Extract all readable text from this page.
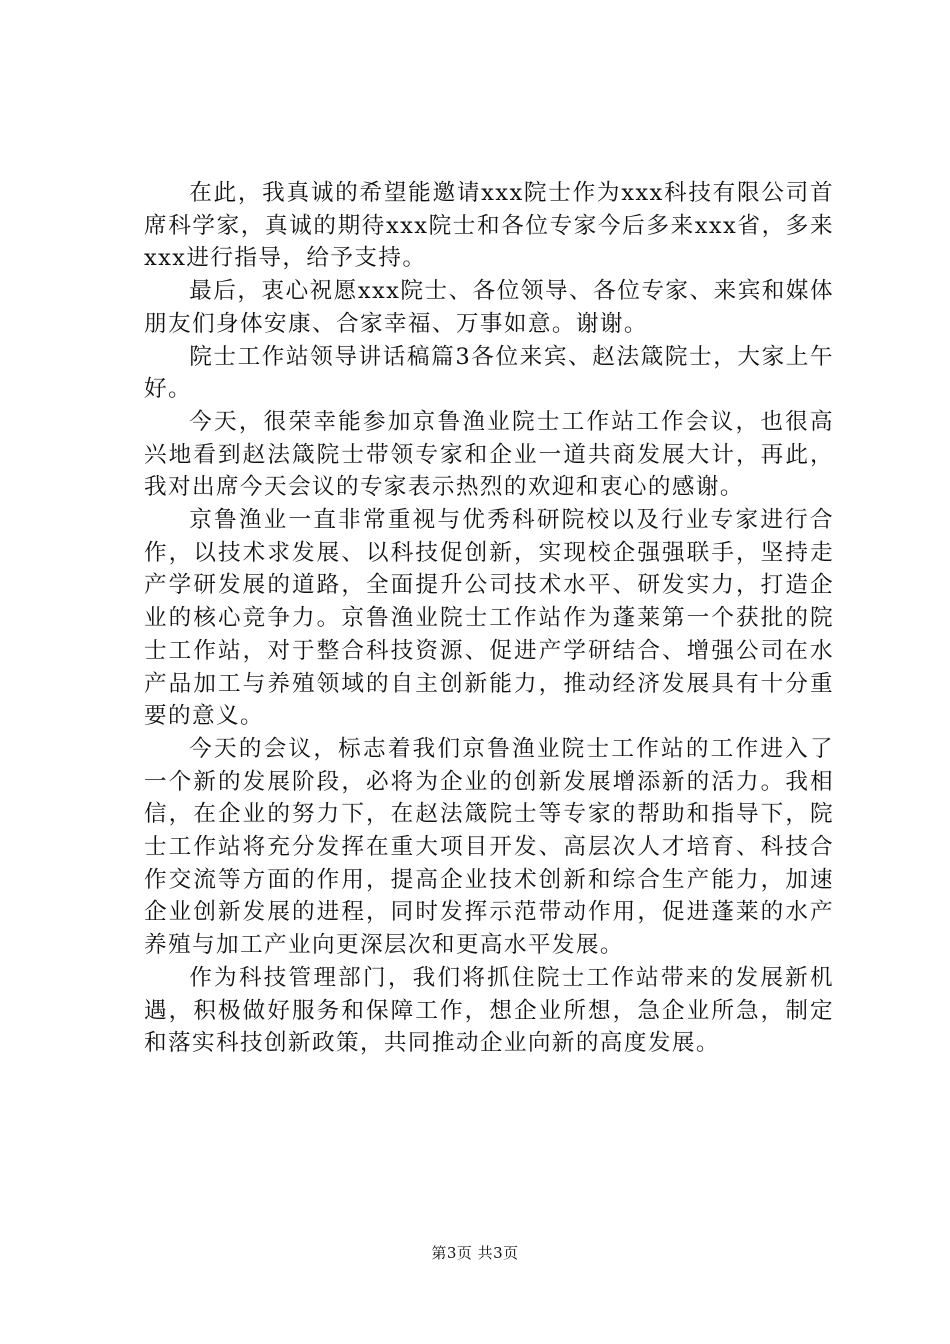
在此，我真诚的希望能邀请xxx院士作为xxx科技有限公司首席科学家，真诚的期待xxx院士和各位专家今后多来xxx省，多来xxx进行指导，给予支持。

最后，衷心祝愿xxx院士、各位领导、各位专家、来宾和媒体朋友们身体安康、合家幸福、万事如意。谢谢。

院士工作站领导讲话稿篇3各位来宾、赵法箴院士，大家上午好。

今天，很荣幸能参加京鲁渔业院士工作站工作会议，也很高兴地看到赵法箴院士带领专家和企业一道共商发展大计，再此，我对出席今天会议的专家表示热烈的欢迎和衷心的感谢。

京鲁渔业一直非常重视与优秀科研院校以及行业专家进行合作，以技术求发展、以科技促创新，实现校企强强联手，坚持走产学研发展的道路，全面提升公司技术水平、研发实力，打造企业的核心竞争力。京鲁渔业院士工作站作为蓬莱第一个获批的院士工作站，对于整合科技资源、促进产学研结合、增强公司在水产品加工与养殖领域的自主创新能力，推动经济发展具有十分重要的意义。

今天的会议，标志着我们京鲁渔业院士工作站的工作进入了一个新的发展阶段，必将为企业的创新发展增添新的活力。我相信，在企业的努力下，在赵法箴院士等专家的帮助和指导下，院士工作站将充分发挥在重大项目开发、高层次人才培育、科技合作交流等方面的作用，提高企业技术创新和综合生产能力，加速企业创新发展的进程，同时发挥示范带动作用，促进蓬莱的水产养殖与加工产业向更深层次和更高水平发展。

作为科技管理部门，我们将抓住院士工作站带来的发展新机遇，积极做好服务和保障工作，想企业所想，急企业所急，制定和落实科技创新政策，共同推动企业向新的高度发展。

第3页 共3页
